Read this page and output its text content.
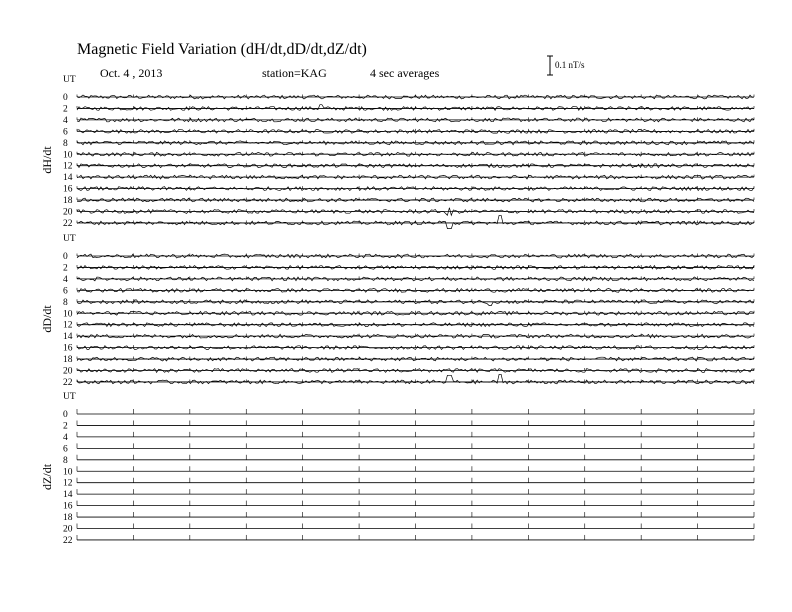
Magnetic Field Variation (dH/dt,dD/dt,dZ/dt)
Oct. 4 , 2013	station=KAG	4 sec averages
0.1 nT/s
UT
dH/dt
0
2
4
6
8
10
12
14
16
18
20
22
UT
dD/dt
0
2
4
6
8
10
12
14
16
18
20
22
UT
dZ/dt
0
2
4
6
8
10
12
14
16
18
20
22
